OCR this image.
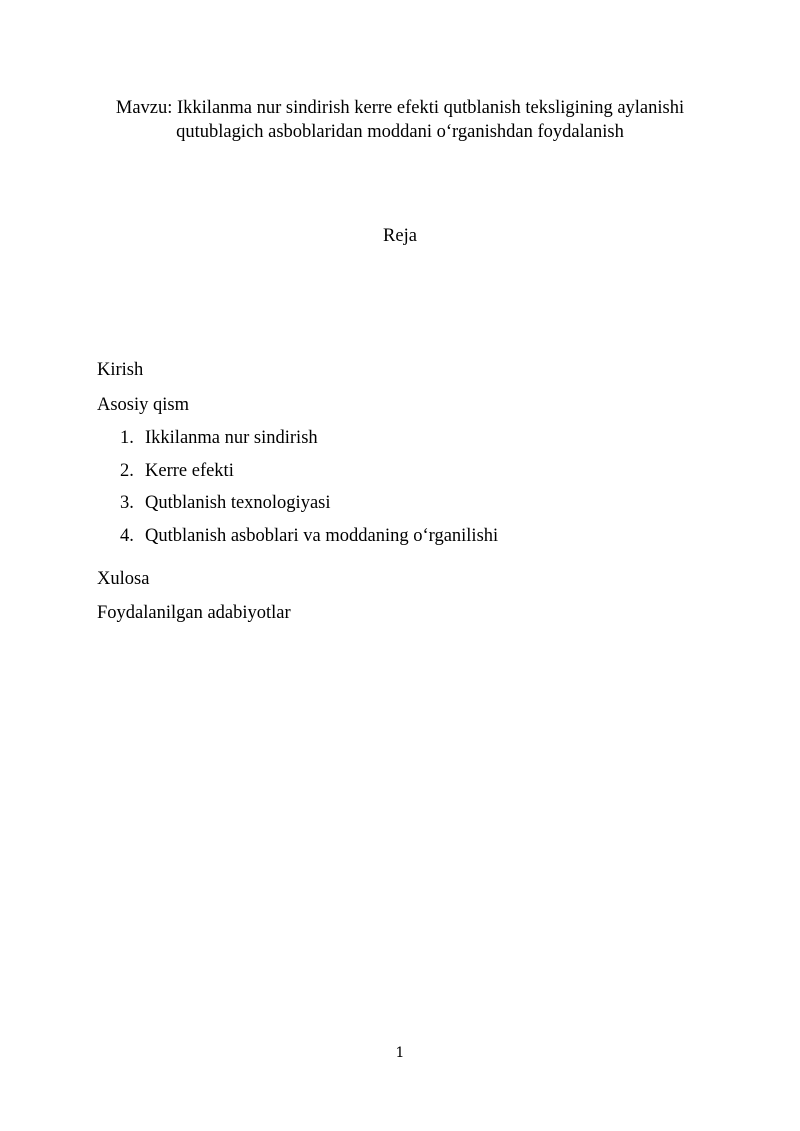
Mavzu: Ikkilanma nur sindirish kerre efekti qutblanish teksligining aylanishi
qutublagich asboblaridan moddani o‘rganishdan foydalanish
Reja
Kirish
Asosiy qism
1. Ikkilanma nur sindirish
2. Kerre efekti
3. Qutblanish texnologiyasi
4. Qutblanish asboblari va moddaning o‘rganilishi
Xulosa
Foydalanilgan adabiyotlar
1
